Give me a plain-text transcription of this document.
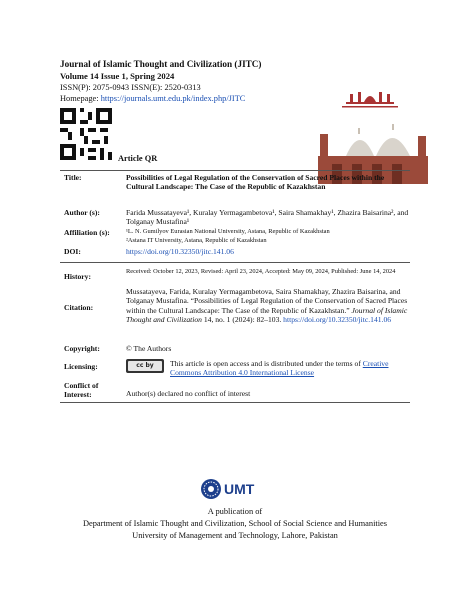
Journal of Islamic Thought and Civilization (JITC)
Volume 14 Issue 1, Spring 2024
ISSN(P): 2075-0943 ISSN(E): 2520-0313
Homepage: https://journals.umt.edu.pk/index.php/JITC
Article QR
Title:	Possibilities of Legal Regulation of the Conservation of Sacred Places within the Cultural Landscape: The Case of the Republic of Kazakhstan
Author (s):	Farida Mussatayeva¹, Kuralay Yermagambetova¹, Saira Shamakhay¹, Zhazira Baisarina², and Tolganay Mustafina¹
Affiliation (s):	¹L. N. Gumilyov Eurasian National University, Astana, Republic of Kazakhstan
²Astana IT University, Astana, Republic of Kazakhstan
DOI:	https://doi.org/10.32350/jitc.141.06
History:
Received: October 12, 2023, Revised: April 23, 2024, Accepted: May 09, 2024, Published: June 14, 2024
Citation:
Mussatayeva, Farida, Kuralay Yermagambetova, Saira Shamakhay, Zhazira Baisarina, and Tolganay Mustafina. “Possibilities of Legal Regulation of the Conservation of Sacred Places within the Cultural Landscape: The Case of the Republic of Kazakhstan.” Journal of Islamic Thought and Civilization 14, no. 1 (2024): 82–103. https://doi.org/10.32350/jitc.141.06
Copyright:	© The Authors
Licensing:	cc by	This article is open access and is distributed under the terms of Creative Commons Attribution 4.0 International License
Conflict of Interest:	Author(s) declared no conflict of interest
UMT
A publication of
Department of Islamic Thought and Civilization, School of Social Science and Humanities
University of Management and Technology, Lahore, Pakistan
